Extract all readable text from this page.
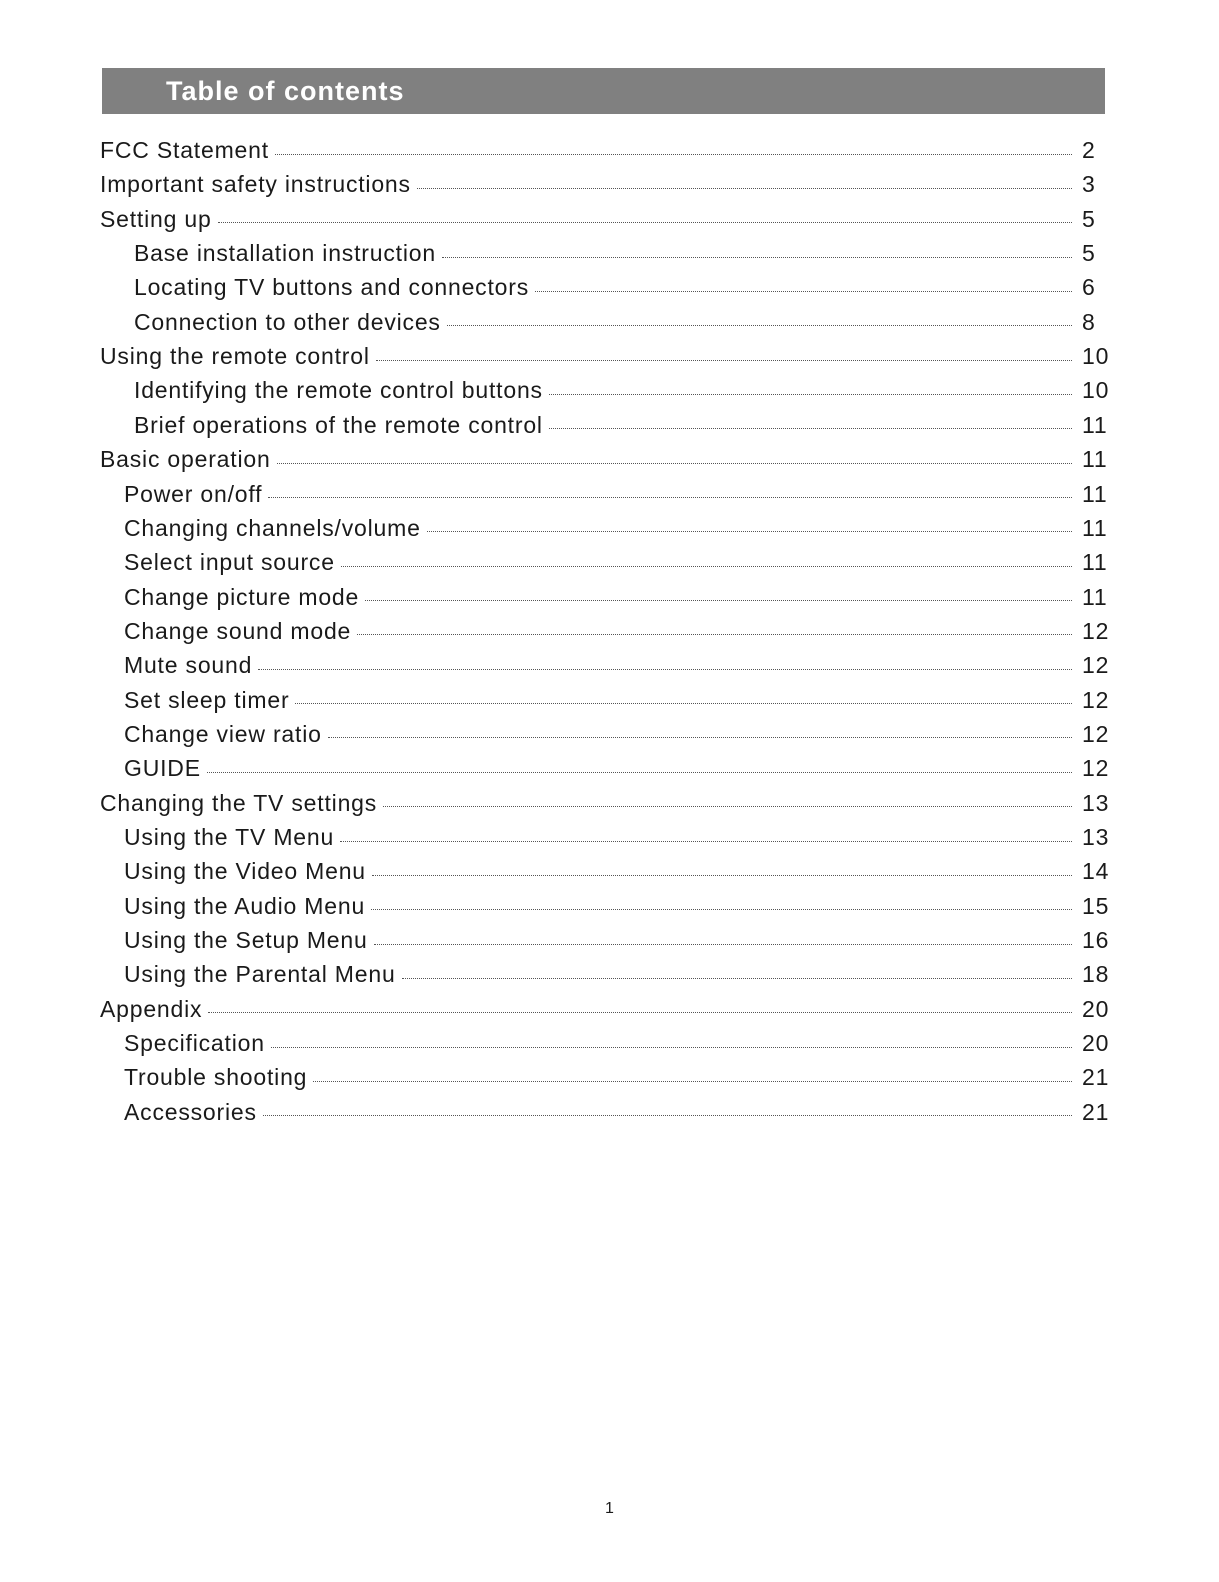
Table of contents
FCC Statement	2
Important safety instructions	3
Setting up	5
Base installation instruction	5
Locating TV buttons and connectors	6
Connection to other devices	8
Using the remote control	10
Identifying the remote control buttons	10
Brief operations of the remote control	11
Basic operation	11
Power on/off	11
Changing channels/volume	11
Select input source	11
Change picture mode	11
Change sound mode	12
Mute sound	12
Set sleep timer	12
Change view ratio	12
GUIDE	12
Changing the TV settings	13
Using the TV Menu	13
Using the Video Menu	14
Using the Audio Menu	15
Using the Setup Menu	16
Using the Parental Menu	18
Appendix	20
Specification	20
Trouble shooting	21
Accessories	21
1
